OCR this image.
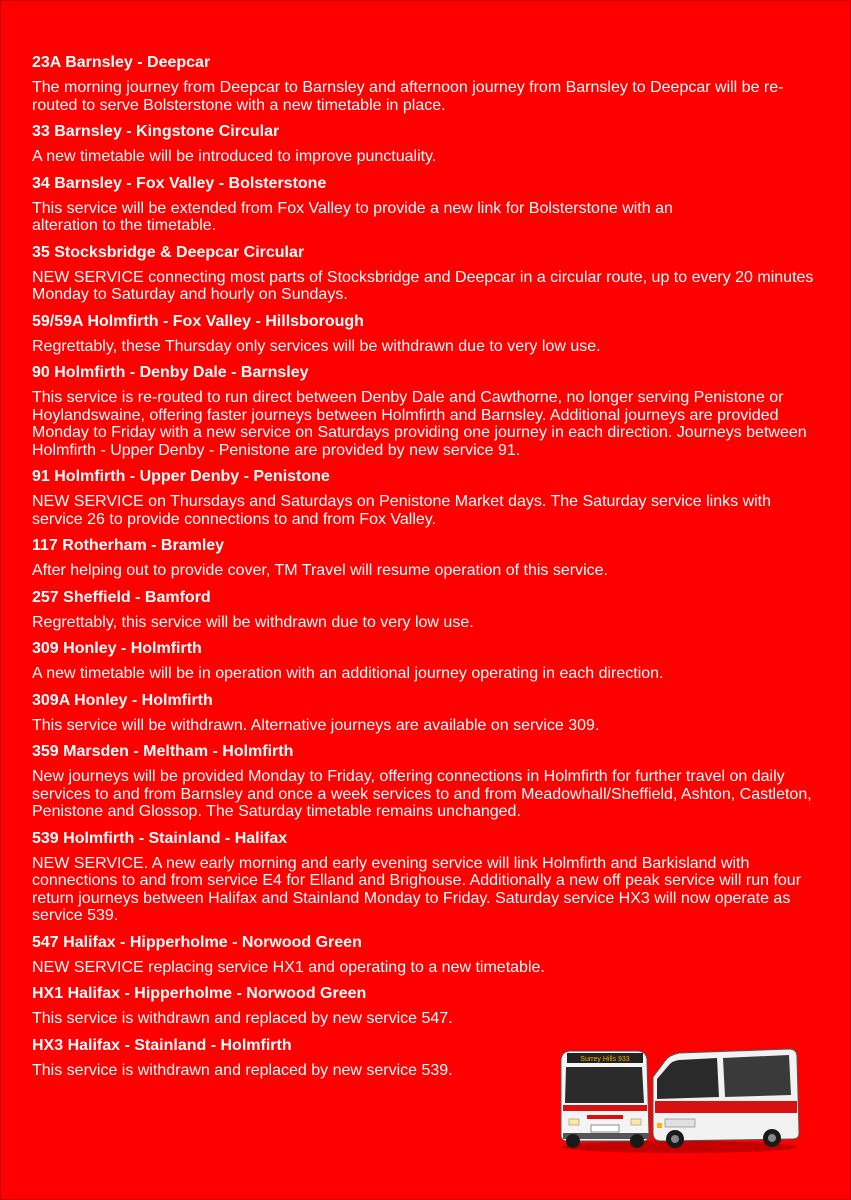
23A Barnsley - Deepcar
The morning journey from Deepcar to Barnsley and afternoon journey from Barnsley to Deepcar will be re-routed to serve Bolsterstone with a new timetable in place.
33 Barnsley - Kingstone Circular
A new timetable will be introduced to improve punctuality.
34 Barnsley - Fox Valley - Bolsterstone
This service will be extended from Fox Valley to provide a new link for Bolsterstone with an alteration to the timetable.
35 Stocksbridge & Deepcar Circular
NEW SERVICE connecting most parts of Stocksbridge and Deepcar in a circular route, up to every 20 minutes Monday to Saturday and hourly on Sundays.
59/59A Holmfirth - Fox Valley - Hillsborough
Regrettably, these Thursday only services will be withdrawn due to very low use.
90 Holmfirth - Denby Dale - Barnsley
This service is re-routed to run direct between Denby Dale and Cawthorne, no longer serving Penistone or Hoylandswaine, offering faster journeys between Holmfirth and Barnsley. Additional journeys are provided Monday to Friday with a new service on Saturdays providing one journey in each direction. Journeys between Holmfirth - Upper Denby - Penistone are provided by new service 91.
91 Holmfirth - Upper Denby - Penistone
NEW SERVICE on Thursdays and Saturdays on Penistone Market days. The Saturday service links with service 26 to provide connections to and from Fox Valley.
117 Rotherham - Bramley
After helping out to provide cover, TM Travel will resume operation of this service.
257 Sheffield - Bamford
Regrettably, this service will be withdrawn due to very low use.
309 Honley - Holmfirth
A new timetable will be in operation with an additional journey operating in each direction.
309A Honley - Holmfirth
This service will be withdrawn. Alternative journeys are available on service 309.
359 Marsden - Meltham - Holmfirth
New journeys will be provided Monday to Friday, offering connections in Holmfirth for further travel on daily services to and from Barnsley and once a week services to and from Meadowhall/Sheffield, Ashton, Castleton, Penistone and Glossop. The Saturday timetable remains unchanged.
539 Holmfirth - Stainland - Halifax
NEW SERVICE. A new early morning and early evening service will link Holmfirth and Barkisland with connections to and from service E4 for Elland and Brighouse. Additionally a new off peak service will run four return journeys between Halifax and Stainland Monday to Friday. Saturday service HX3 will now operate as service 539.
547 Halifax - Hipperholme - Norwood Green
NEW SERVICE replacing service HX1 and operating to a new timetable.
HX1 Halifax - Hipperholme - Norwood Green
This service is withdrawn and replaced by new service 547.
HX3 Halifax - Stainland - Holmfirth
This service is withdrawn and replaced by new service 539.
Surrey Hills 933
